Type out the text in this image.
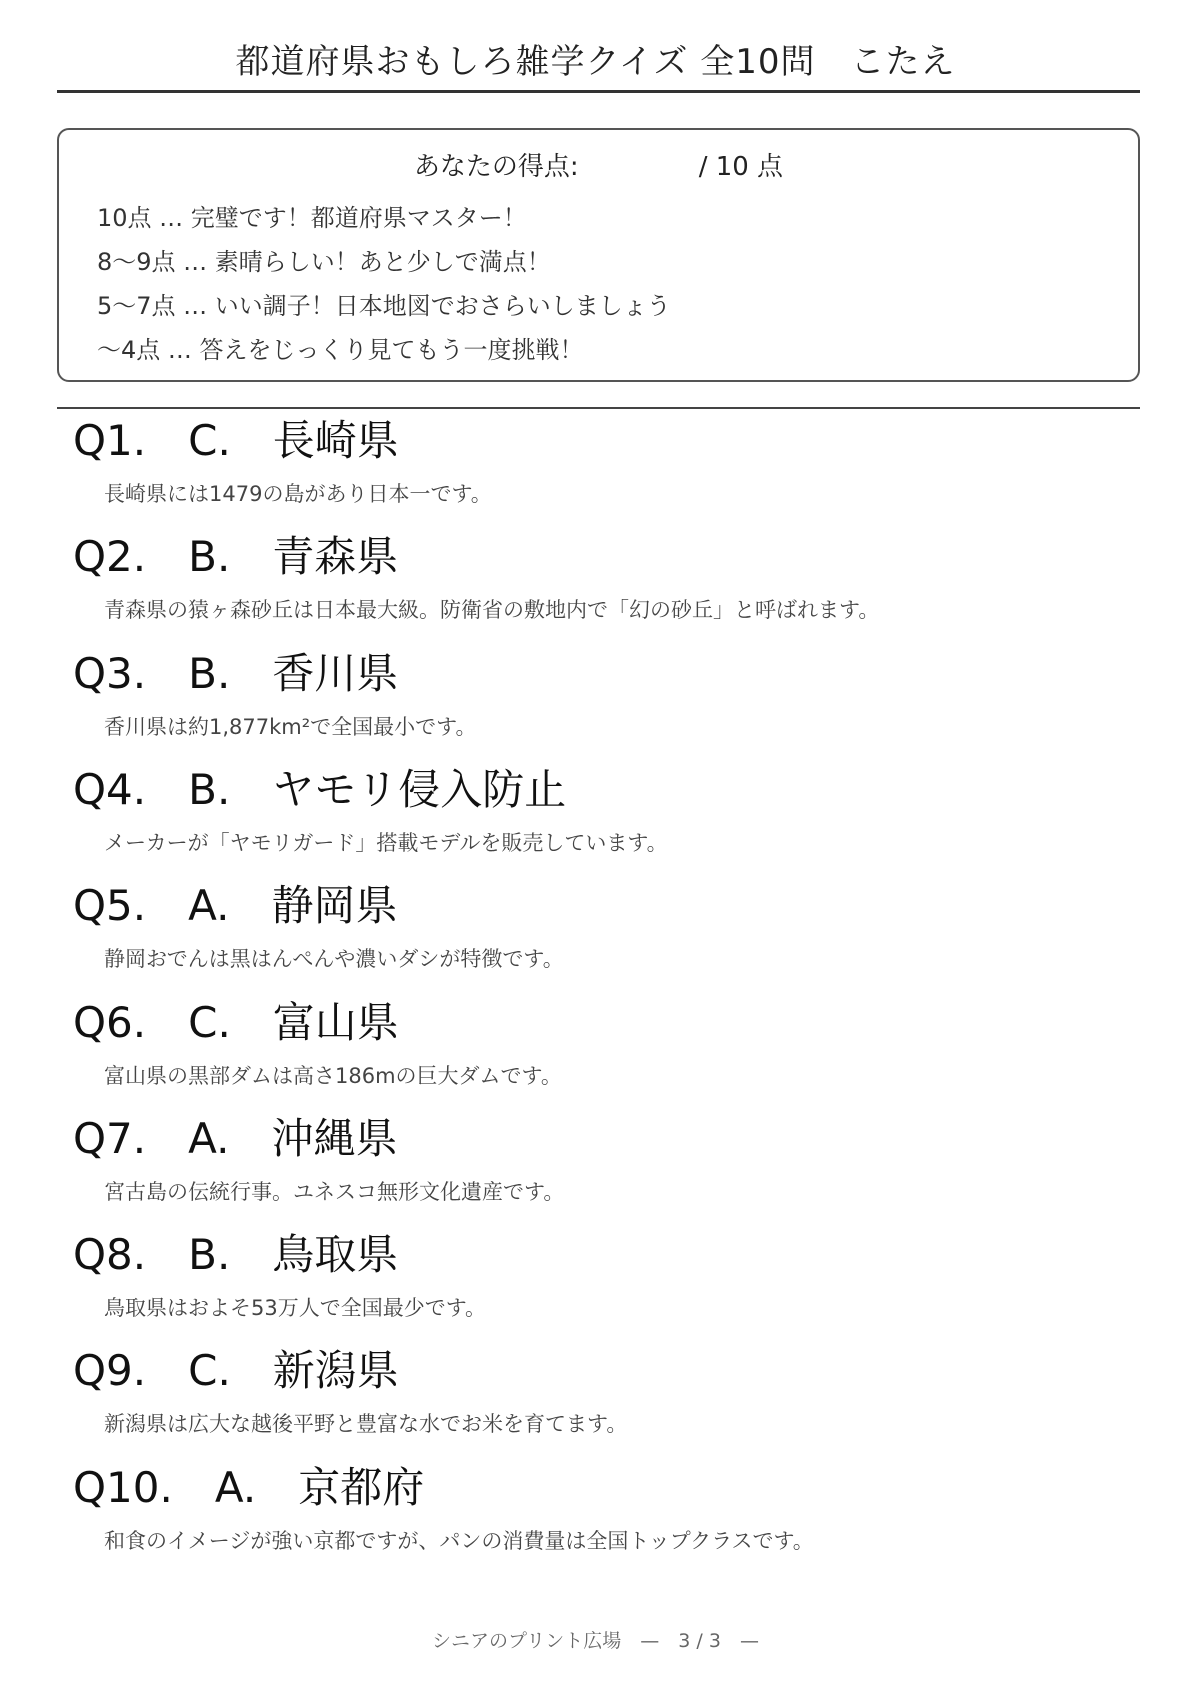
都道府県おもしろ雑学クイズ 全10問　こたえ
あなたの得点:	/ 10 点
10点 … 完璧です！都道府県マスター！
8〜9点 … 素晴らしい！あと少しで満点！
5〜7点 … いい調子！日本地図でおさらいしましょう
〜4点 … 答えをじっくり見てもう一度挑戦！
Q1.　C.　長崎県
長崎県には1479の島があり日本一です。
Q2.　B.　青森県
青森県の猿ヶ森砂丘は日本最大級。防衛省の敷地内で「幻の砂丘」と呼ばれます。
Q3.　B.　香川県
香川県は約1,877km²で全国最小です。
Q4.　B.　ヤモリ侵入防止
メーカーが「ヤモリガード」搭載モデルを販売しています。
Q5.　A.　静岡県
静岡おでんは黒はんぺんや濃いダシが特徴です。
Q6.　C.　富山県
富山県の黒部ダムは高さ186mの巨大ダムです。
Q7.　A.　沖縄県
宮古島の伝統行事。ユネスコ無形文化遺産です。
Q8.　B.　鳥取県
鳥取県はおよそ53万人で全国最少です。
Q9.　C.　新潟県
新潟県は広大な越後平野と豊富な水でお米を育てます。
Q10.　A.　京都府
和食のイメージが強い京都ですが、パンの消費量は全国トップクラスです。
シニアのプリント広場　—　3 / 3　—
